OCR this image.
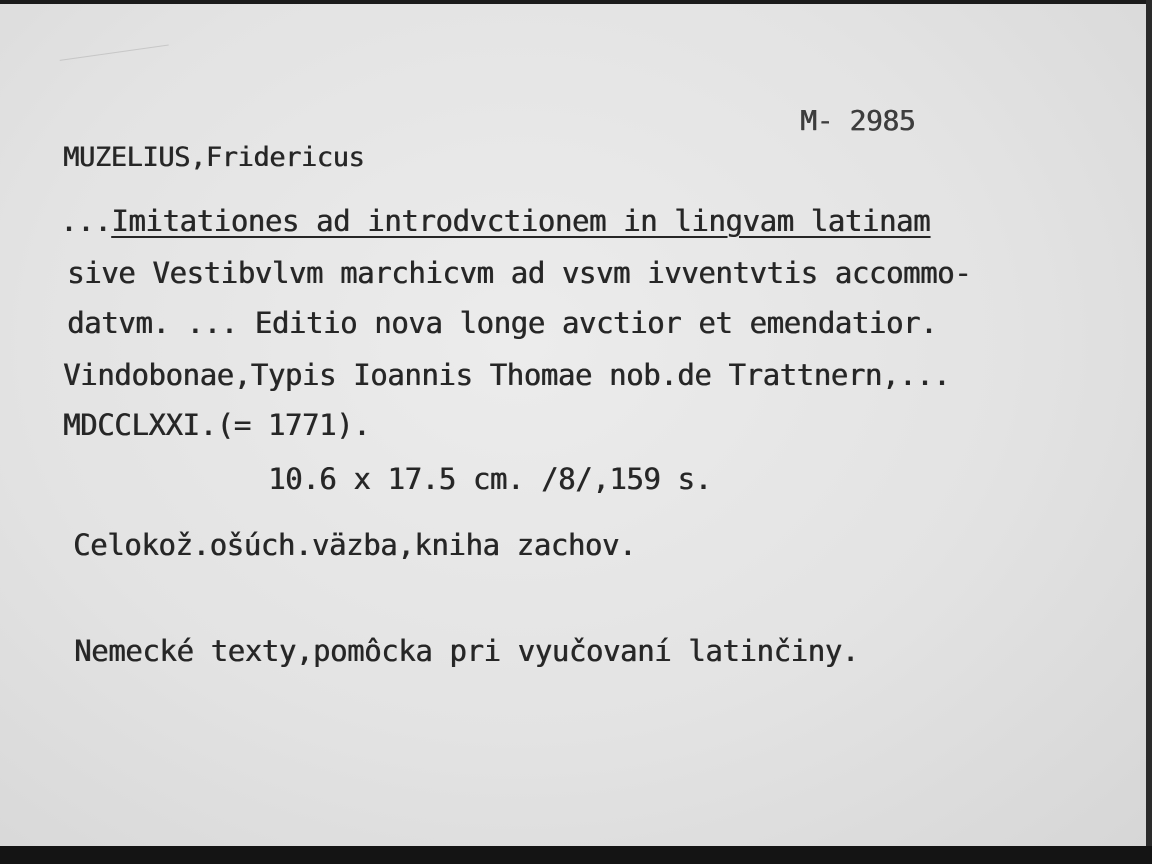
M- 2985
MUZELIUS,Fridericus
...Imitationes ad introdvctionem in lingvam latinam
sive Vestibvlvm marchicvm ad vsvm ivventvtis accommo-
datvm. ... Editio nova longe avctior et emendatior.
Vindobonae,Typis Ioannis Thomae nob.de Trattnern,...
MDCCLXXI.(= 1771).
10.6 x 17.5 cm. /8/,159 s.
Celokož.ošúch.väzba,kniha zachov.
Nemecké texty,pomôcka pri vyučovaní latinčiny.
